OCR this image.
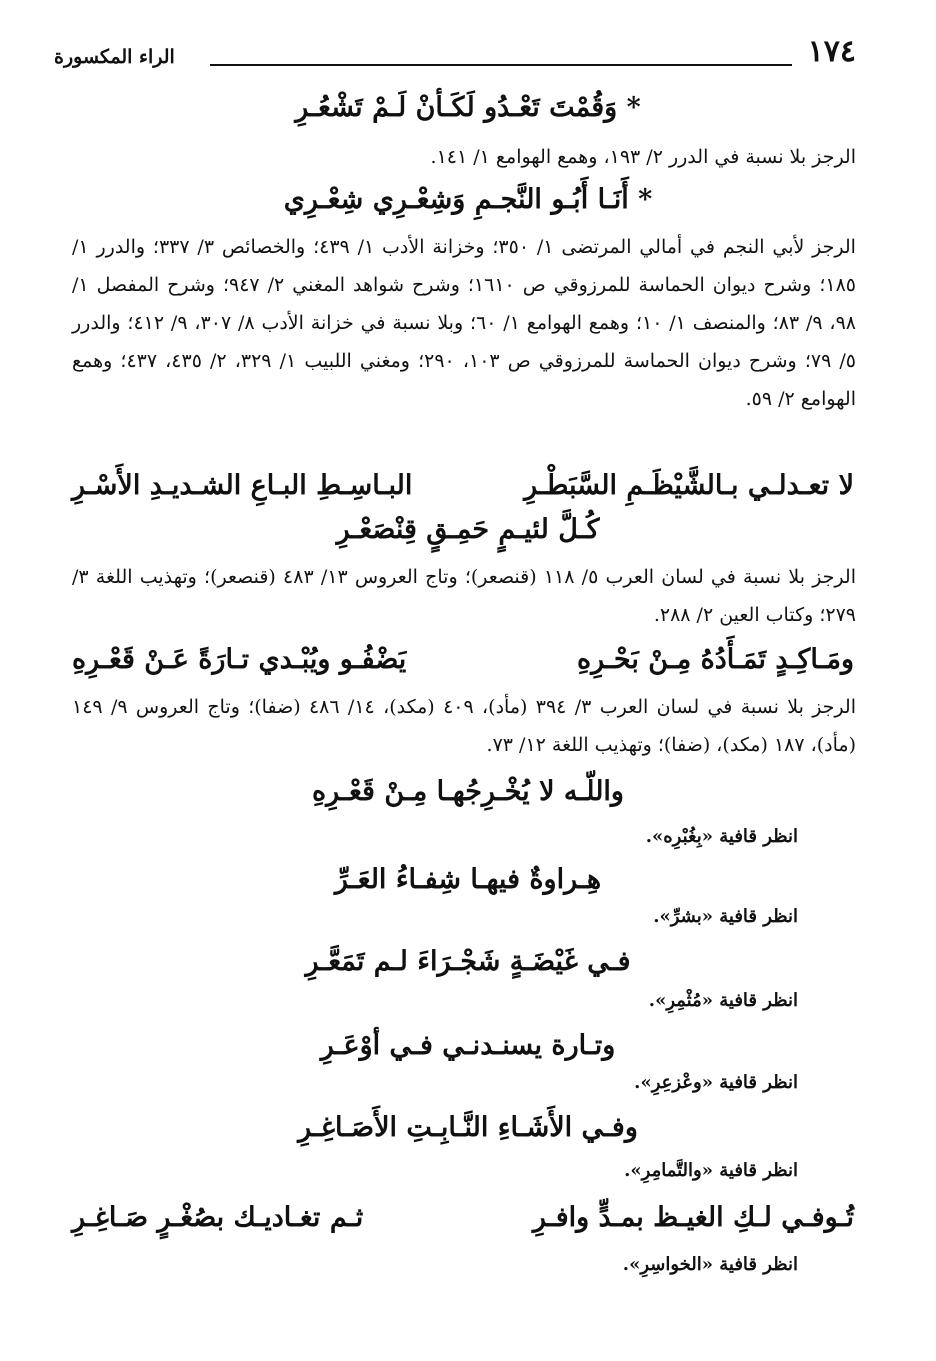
١٧٤
الراء المكسورة
* وَقُمْتَ تَعْـدُو لَكَـأنْ لَـمْ تَشْعُـرِ
الرجز بلا نسبة في الدرر ٢/ ١٩٣، وهمع الهوامع ١/ ١٤١.
* أَنَـا أَبُـو النَّجـمِ وَشِعْـرِي شِعْـرِي
الرجز لأبي النجم في أمالي المرتضى ١/ ٣٥٠؛ وخزانة الأدب ١/ ٤٣٩؛ والخصائص ٣/ ٣٣٧؛ والدرر ١/ ١٨٥؛ وشرح ديوان الحماسة للمرزوقي ص ١٦١٠؛ وشرح شواهد المغني ٢/ ٩٤٧؛ وشرح المفصل ١/ ٩٨، ٩/ ٨٣؛ والمنصف ١/ ١٠؛ وهمع الهوامع ١/ ٦٠؛ وبلا نسبة في خزانة الأدب ٨/ ٣٠٧، ٩/ ٤١٢؛ والدرر ٥/ ٧٩؛ وشرح ديوان الحماسة للمرزوقي ص ١٠٣، ٢٩٠؛ ومغني اللبيب ١/ ٣٢٩، ٢/ ٤٣٥، ٤٣٧؛ وهمع الهوامع ٢/ ٥٩.
لا تعـدلـي بـالشَّيْظَـمِ السَّبَطْـرِ
البـاسِـطِ البـاعِ الشـديـدِ الأَسْـرِ
كُـلَّ لئيـمٍ حَمِـقٍ قِنْصَعْـرِ
الرجز بلا نسبة في لسان العرب ٥/ ١١٨ (قنصعر)؛ وتاج العروس ١٣/ ٤٨٣ (قنصعر)؛ وتهذيب اللغة ٣/ ٢٧٩؛ وكتاب العين ٢/ ٢٨٨.
ومَـاكِـدٍ تَمَـأَدُهُ مِـنْ بَحْـرِهِ
يَضْفُـو ويُبْـدي تـارَةً عَـنْ قَعْـرِهِ
الرجز بلا نسبة في لسان العرب ٣/ ٣٩٤ (مأد)، ٤٠٩ (مكد)، ١٤/ ٤٨٦ (ضفا)؛ وتاج العروس ٩/ ١٤٩ (مأد)، ١٨٧ (مكد)، (ضفا)؛ وتهذيب اللغة ١٢/ ٧٣.
واللّـه لا يُخْـرِجُهـا مِـنْ قَعْـرِهِ
انظر قافية «بِغُبْرِه».
هِـراوةٌ فيهـا شِفـاءُ العَـرِّ
انظر قافية «بشرِّ».
فـي غَيْضَـةٍ شَجْـرَاءَ لـم تَمَعَّـرِ
انظر قافية «مُثْمِرِ».
وتـارة يسنـدنـي فـي أوْعَـرِ
انظر قافية «وعْزعِرِ».
وفـي الأَشَـاءِ النَّـابِـتِ الأَصَـاغِـرِ
انظر قافية «والتَّمامِرِ».
تُـوفـي لـكِ الغيـظ بمـدٍّ وافـرِ
ثـم تغـاديـك بصُغْـرٍ صَـاغِـرِ
انظر قافية «الخواسِرِ».
